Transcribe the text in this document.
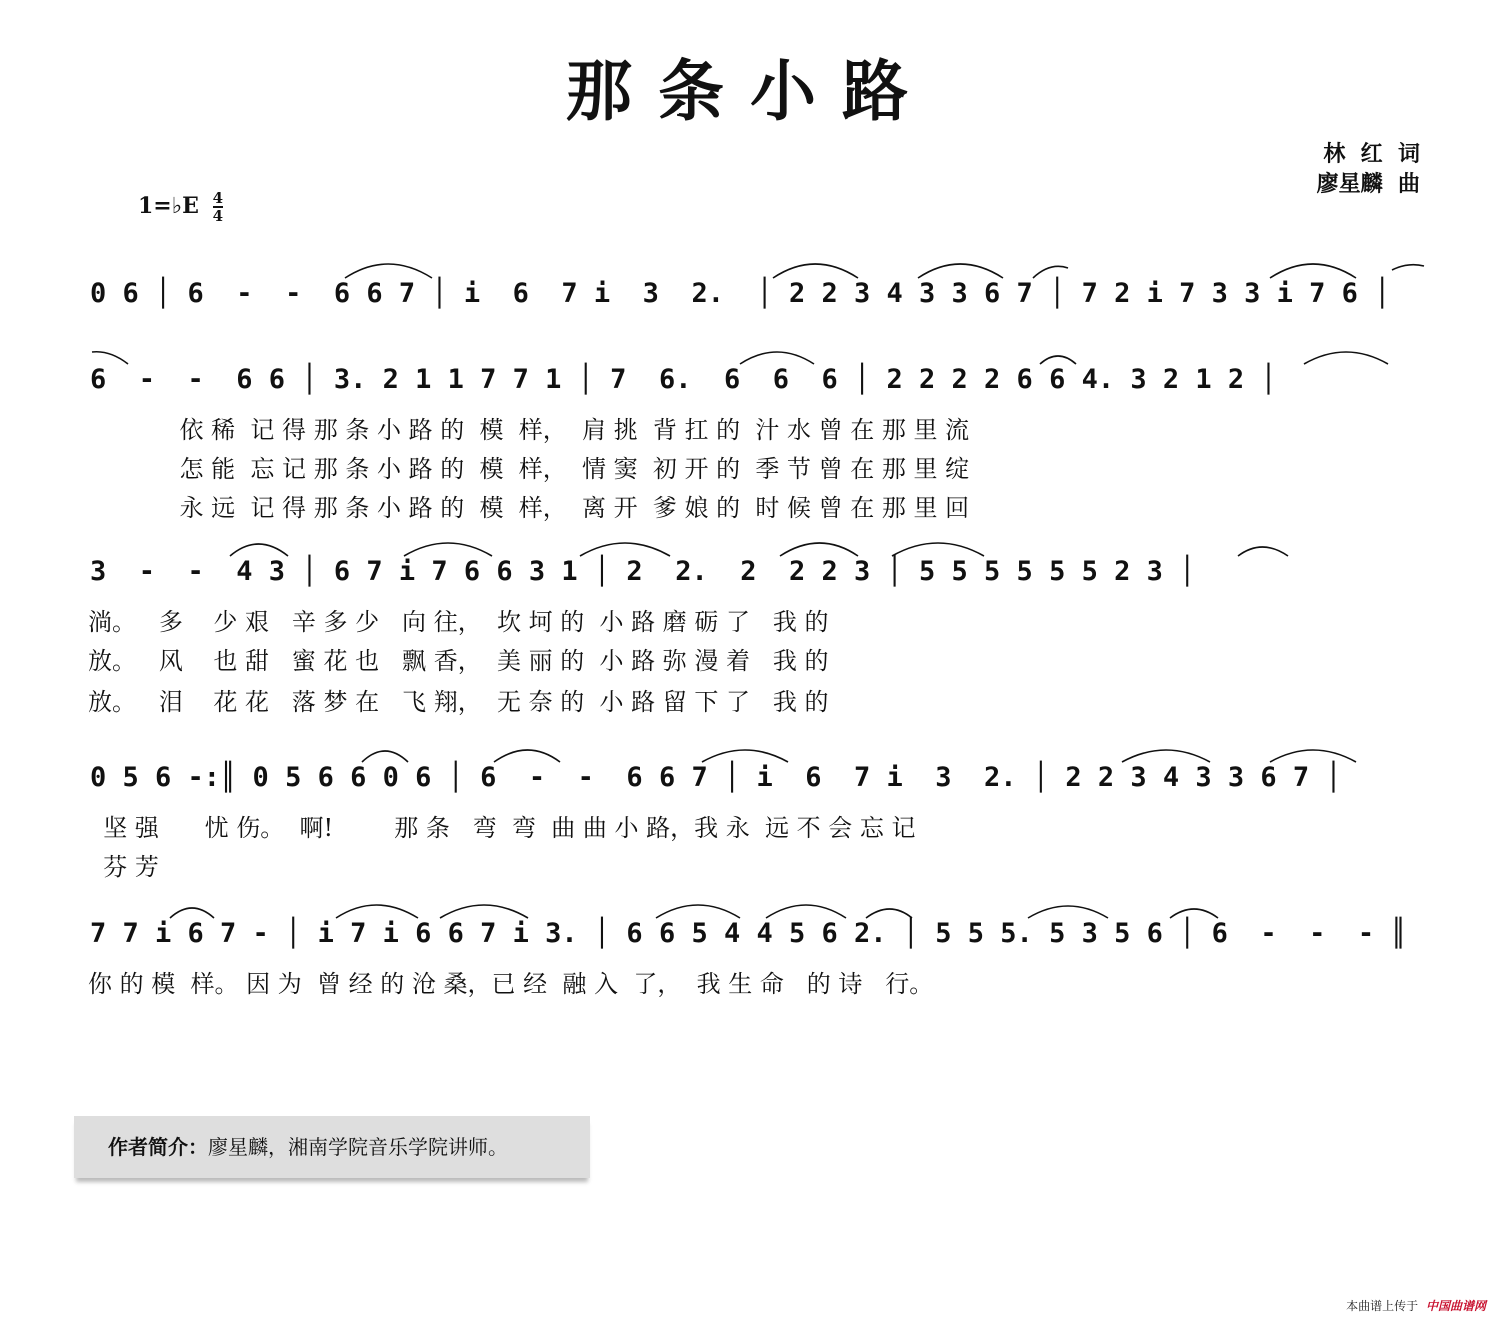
那条小路
林  红  词
廖星麟  曲
1=♭E $\frac{4}{4}$
0 6 │ 6  -  -  6 6 7 │ i  6  7 i  3  2.  │ 2 2 3 4 3 3 6 7 │ 7 2 i 7 3 3 i 7 6 │
6  -  -  6 6 │ 3. 2 1 1 7 7 1 │ 7  6.  6  6  6 │ 2 2 2 2 6 6 4. 3 2 1 2 │
依 稀  记 得 那 条 小 路 的  模  样，  肩 挑  背 扛 的  汁 水 曾 在 那 里 流
怎 能  忘 记 那 条 小 路 的  模  样，  情 窦  初 开 的  季 节 曾 在 那 里 绽
永 远  记 得 那 条 小 路 的  模  样，  离 开  爹 娘 的  时 候 曾 在 那 里 回
3  -  -  4 3 │ 6 7 i 7 6 6 3 1 │ 2  2.  2  2 2 3 │ 5 5 5 5 5 5 2 3 │
淌。   多    少 艰   辛 多 少   向 往，  坎 坷 的  小 路 磨 砺 了   我 的
放。   风    也 甜   蜜 花 也   飘 香，  美 丽 的  小 路 弥 漫 着   我 的
放。   泪    花 花   落 梦 在   飞 翔，  无 奈 的  小 路 留 下 了   我 的
0 5 6 -:║ 0 5 6 6 0 6 │ 6  -  -  6 6 7 │ i  6  7 i  3  2. │ 2 2 3 4 3 3 6 7 │
坚 强      忧 伤。  啊!        那 条   弯  弯  曲 曲 小 路，我 永  远 不 会 忘 记
芬 芳
7 7 i 6 7 - │ i 7 i 6 6 7 i 3. │ 6 6 5 4 4 5 6 2. │ 5 5 5. 5 3 5 6 │ 6  -  -  - ║
你 的 模  样。 因 为  曾 经 的 沧 桑，已 经  融 入  了，  我 生 命   的 诗   行。
作者简介：廖星麟，湘南学院音乐学院讲师。
本曲谱上传于 中国曲谱网
